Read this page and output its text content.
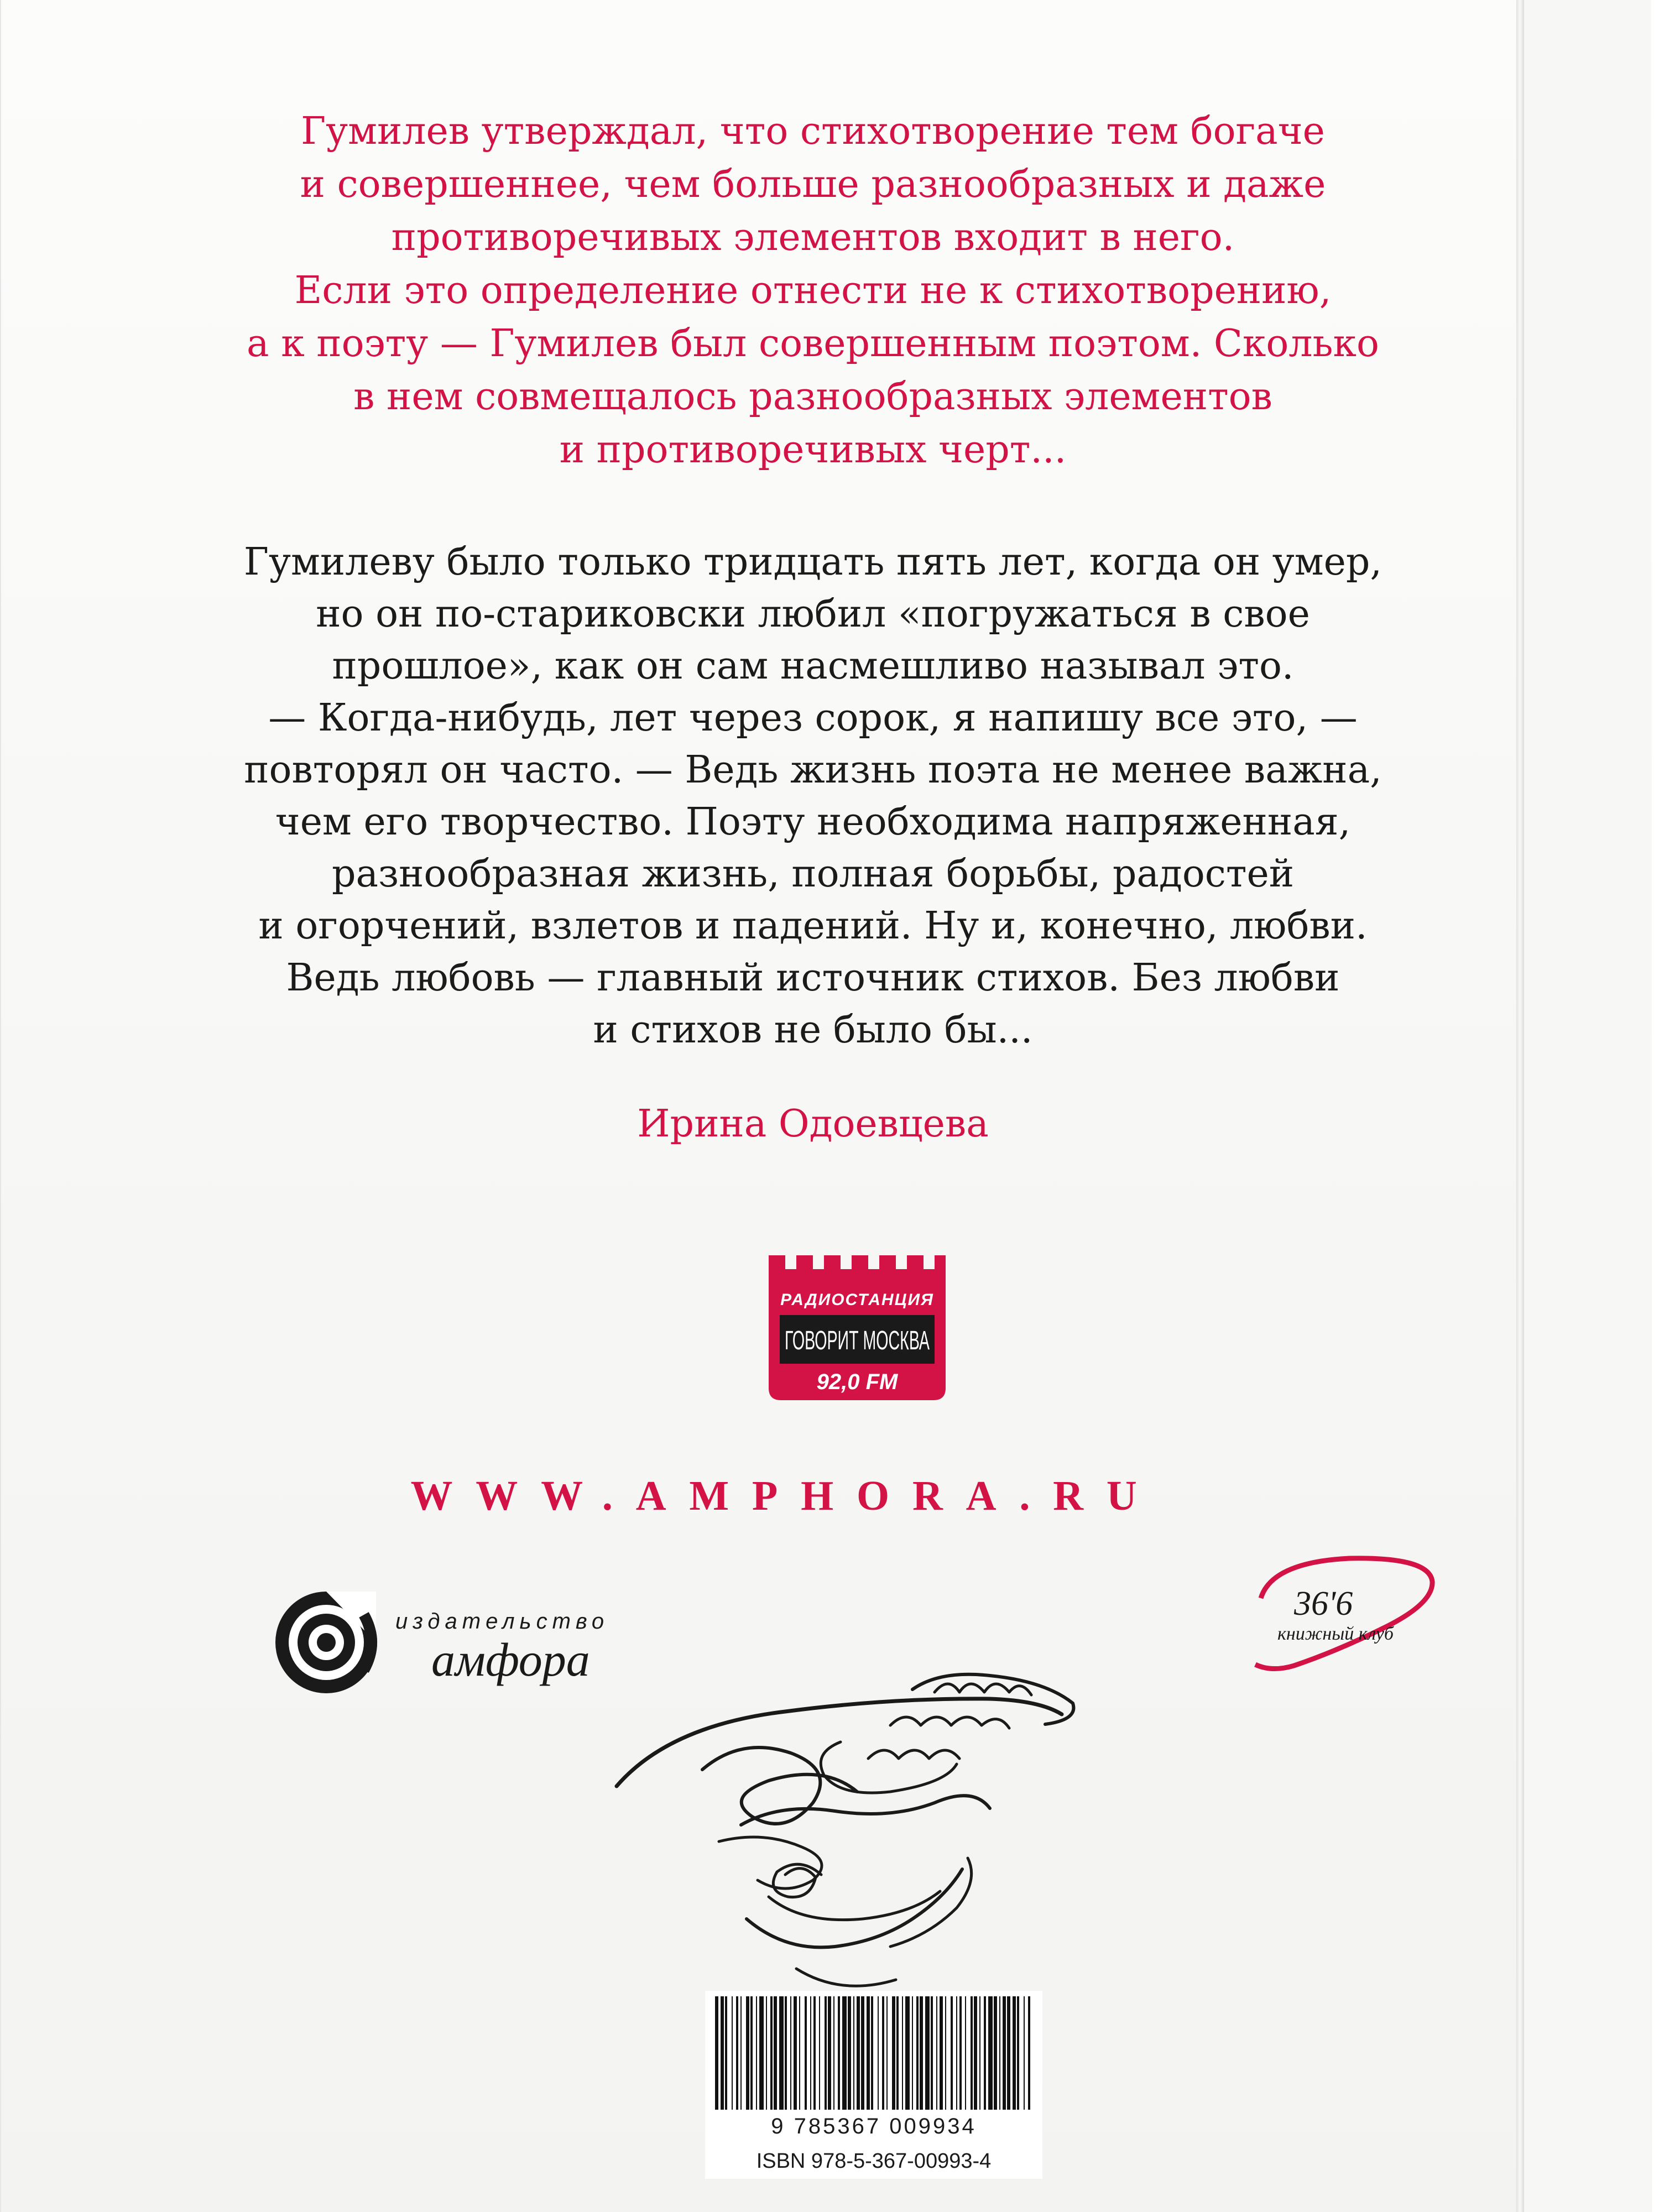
Гумилев утверждал, что стихотворение тем богаче
и совершеннее, чем больше разнообразных и даже
противоречивых элементов входит в него.
Если это определение отнести не к стихотворению,
а к поэту — Гумилев был совершенным поэтом. Сколько
в нем совмещалось разнообразных элементов
и противоречивых черт...
Гумилеву было только тридцать пять лет, когда он умер,
но он по-стариковски любил «погружаться в свое
прошлое», как он сам насмешливо называл это.
— Когда-нибудь, лет через сорок, я напишу все это, —
повторял он часто. — Ведь жизнь поэта не менее важна,
чем его творчество. Поэту необходима напряженная,
разнообразная жизнь, полная борьбы, радостей
и огорчений, взлетов и падений. Ну и, конечно, любви.
Ведь любовь — главный источник стихов. Без любви
и стихов не было бы...
Ирина Одоевцева
РАДИОСТАНЦИЯ
ГОВОРИТ МОСКВА
92,0 FM
WWW.AMPHORA.RU
издательство
амфора
36'6
книжный клуб
9 785367 009934
ISBN 978-5-367-00993-4
